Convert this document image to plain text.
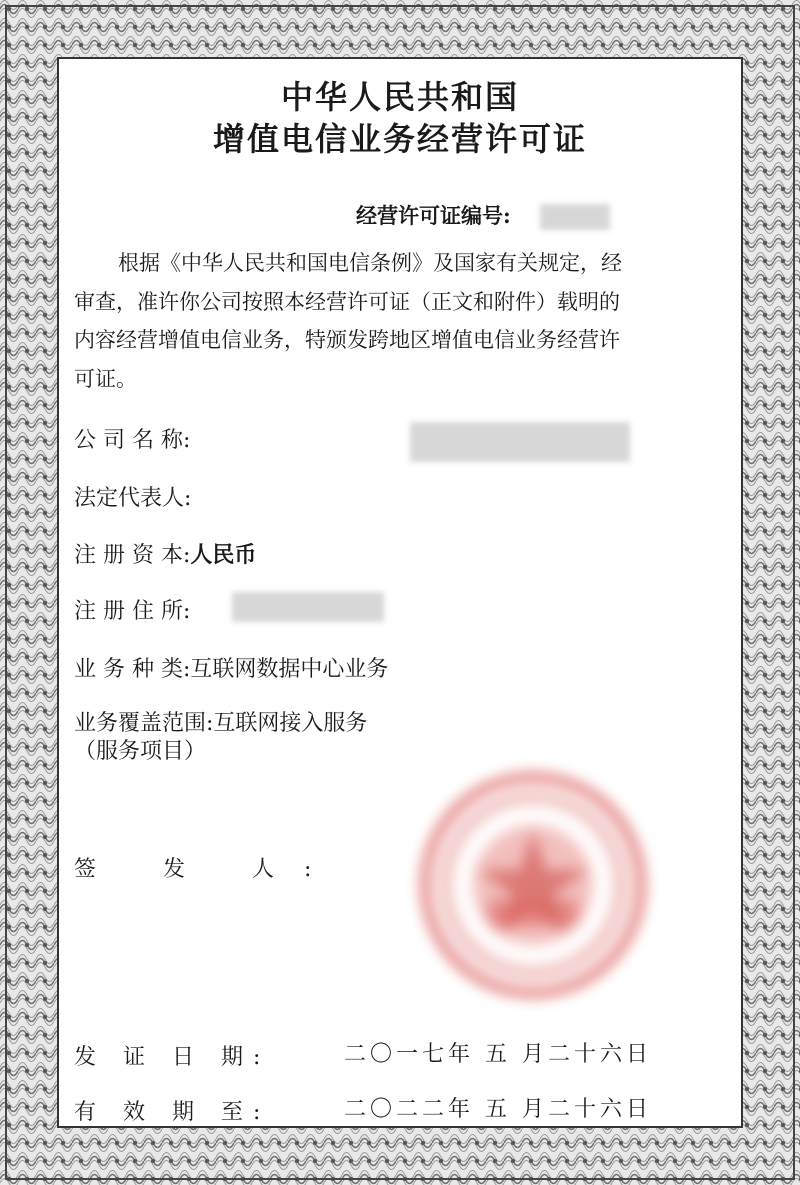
中华人民共和国
增值电信业务经营许可证
经营许可证编号:
根据《中华人民共和国电信条例》及国家有关规定，经
审查，准许你公司按照本经营许可证（正文和附件）载明的
内容经营增值电信业务，特颁发跨地区增值电信业务经营许
可证。
公 司 名 称:
法定代表人:
注 册 资 本:人民币
注 册 住 所:
业 务 种 类:互联网数据中心业务
业务覆盖范围:互联网接入服务
（服务项目）
签 发 人:
发 证 日 期:	二〇一七年 五 月二十六日
有 效 期 至:	二〇二二年 五 月二十六日
